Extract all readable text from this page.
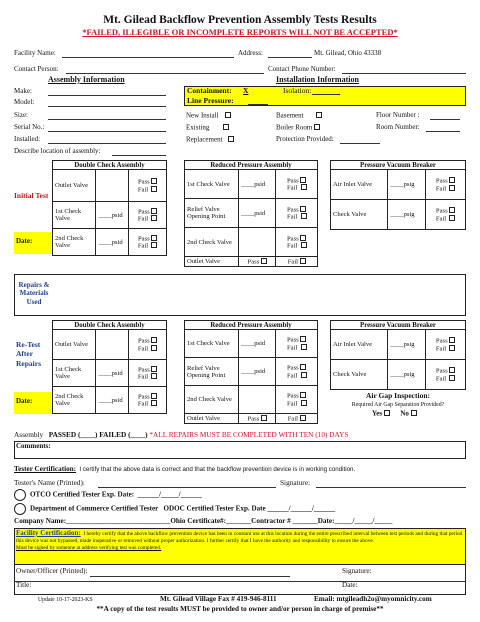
Mt. Gilead Backflow Prevention Assembly Tests Results
*FAILED, ILLEGIBLE OR INCOMPLETE REPORTS WILL NOT BE ACCEPTED*
Facility Name:	Address:	Mt. Gilead, Ohio 43338
Contact Person:	Contact Phone Number:
Assembly Information
Make:
Model:
Size:
Serial No.:
Installed:
Describe location of assembly:
Installation Information
Containment: X	Isolation:
Line Pressure:
New Install
Existing
Replacement
Basement
Boiler Room
Protection Provided:
Floor Number :
Room Number:
Initial Test
Date:
Double Check Assembly		
Outlet Valve		Pass
Fail
1st Check Valve	____psid	Pass
Fail
2nd Check Valve	____psid	Pass
Fail
Reduced Pressure Assembly		
1st Check Valve	____psid	Pass
Fail
Relief Valve Opening Point	____psid	Pass
Fail
2nd Check Valve		Pass
Fail
Outlet Valve	Pass	Fail
Pressure Vacuum Breaker		
Air Inlet Valve	____psig	Pass
Fail
Check Valve	____psig	Pass
Fail
Repairs & Materials Used
Re-Test After Repairs
Date:
Double Check Assembly		
Outlet Valve		Pass
Fail
1st Check Valve	____psid	Pass
Fail
2nd Check Valve	____psid	Pass
Fail
Reduced Pressure Assembly		
1st Check Valve	____psid	Pass
Fail
Relief Valve Opening Point	____psid	Pass
Fail
2nd Check Valve		Pass
Fail
Outlet Valve	Pass	Fail
Pressure Vacuum Breaker		
Air Inlet Valve	____psig	Pass
Fail
Check Valve	____psig	Pass
Fail
Air Gap Inspection:
Required Air Gap Separation Provided?
Yes	No
Assembly PASSED (____) FAILED (____) *ALL REPAIRS MUST BE COMPLETED WITH TEN (10) DAYS
Comments:
Tester Certification: I certify that the above data is correct and that the backflow prevention device is in working condition.
Tester's Name (Printed):	Signature:
OTCO Certified Tester Exp. Date:  ______/_____/______
Department of Commerce Certified Tester ODOC Certified Tester Exp. Date ______/______/______
Company Name:_____________________________Ohio Certificate#:_______Contractor # _______Date:_____/_____/_____
Facility Certification: I hereby certify that the above backflow prevention device has been in constant use at this location during the entire prescribed interval between test periods and during that period this device was not bypassed, made inoperative or removed without proper authorization. I further certify that I have the authority and responsibility to ensure the above.
Must be signed by someone at address verifying test was completed.
Owner/Officer (Printed):	Signature:
Title:	Date:
Update 10-17-2023-KS	Mt. Gilead Village Fax # 419-946-8111	Email: mtgileadh2o@myomnicity.com
**A copy of the test results MUST be provided to owner and/or person in charge of premise**
